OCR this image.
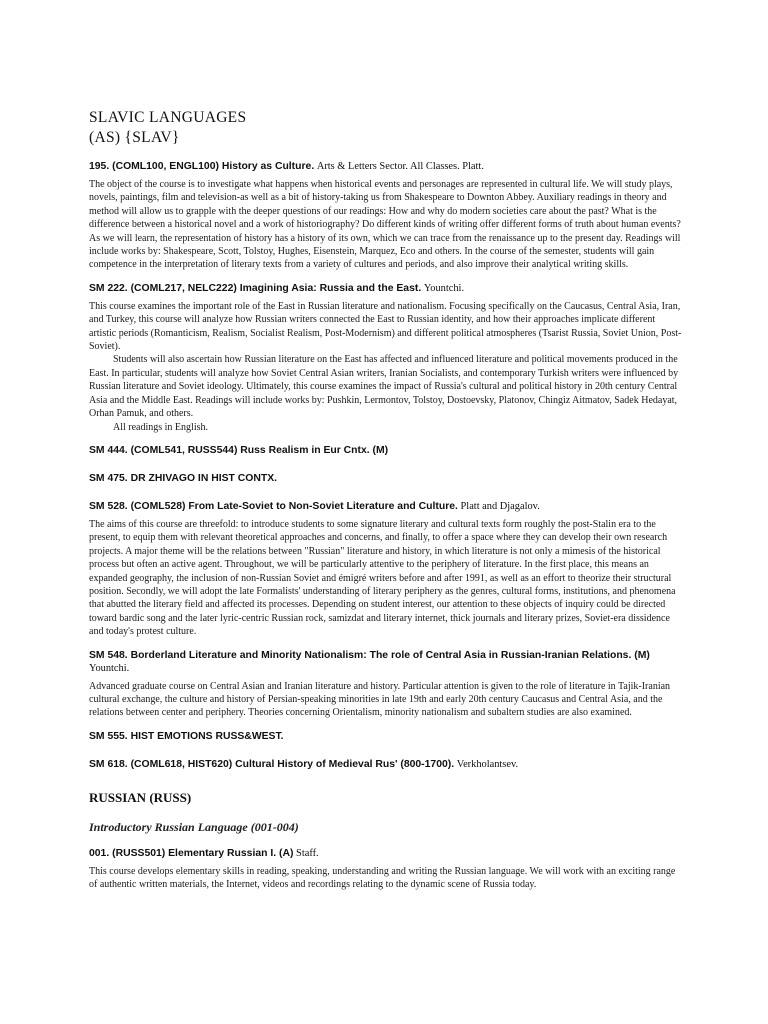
SLAVIC LANGUAGES
(AS) {SLAV}

195. (COML100, ENGL100) History as Culture. Arts & Letters Sector. All Classes. Platt.

The object of the course is to investigate what happens when historical events and personages are represented in cultural life. We will study plays, novels, paintings, film and television-as well as a bit of history-taking us from Shakespeare to Downton Abbey. Auxiliary readings in theory and method will allow us to grapple with the deeper questions of our readings: How and why do modern societies care about the past? What is the difference between a historical novel and a work of historiography? Do different kinds of writing offer different forms of truth about human events? As we will learn, the representation of history has a history of its own, which we can trace from the renaissance up to the present day. Readings will include works by: Shakespeare, Scott, Tolstoy, Hughes, Eisenstein, Marquez, Eco and others. In the course of the semester, students will gain competence in the interpretation of literary texts from a variety of cultures and periods, and also improve their analytical writing skills.

SM 222. (COML217, NELC222) Imagining Asia: Russia and the East. Yountchi.

This course examines the important role of the East in Russian literature and nationalism. Focusing specifically on the Caucasus, Central Asia, Iran, and Turkey, this course will analyze how Russian writers connected the East to Russian identity, and how their approaches implicate different artistic periods (Romanticism, Realism, Socialist Realism, Post-Modernism) and different political atmospheres (Tsarist Russia, Soviet Union, Post-Soviet).

Students will also ascertain how Russian literature on the East has affected and influenced literature and political movements produced in the East. In particular, students will analyze how Soviet Central Asian writers, Iranian Socialists, and contemporary Turkish writers were influenced by Russian literature and Soviet ideology. Ultimately, this course examines the impact of Russia's cultural and political history in 20th century Central Asia and the Middle East. Readings will include works by: Pushkin, Lermontov, Tolstoy, Dostoevsky, Platonov, Chingiz Aitmatov, Sadek Hedayat, Orhan Pamuk, and others.

All readings in English.

SM 444. (COML541, RUSS544) Russ Realism in Eur Cntx. (M)

SM 475. DR ZHIVAGO IN HIST CONTX.

SM 528. (COML528) From Late-Soviet to Non-Soviet Literature and Culture. Platt and Djagalov.

The aims of this course are threefold: to introduce students to some signature literary and cultural texts form roughly the post-Stalin era to the present, to equip them with relevant theoretical approaches and concerns, and finally, to offer a space where they can develop their own research projects. A major theme will be the relations between "Russian" literature and history, in which literature is not only a mimesis of the historical process but often an active agent. Throughout, we will be particularly attentive to the periphery of literature. In the first place, this means an expanded geography, the inclusion of non-Russian Soviet and émigré writers before and after 1991, as well as an effort to theorize their structural position. Secondly, we will adopt the late Formalists' understanding of literary periphery as the genres, cultural forms, institutions, and phenomena that abutted the literary field and affected its processes. Depending on student interest, our attention to these objects of inquiry could be directed toward bardic song and the later lyric-centric Russian rock, samizdat and literary internet, thick journals and literary prizes, Soviet-era dissidence and today's protest culture.

SM 548. Borderland Literature and Minority Nationalism: The role of Central Asia in Russian-Iranian Relations. (M) Yountchi.

Advanced graduate course on Central Asian and Iranian literature and history. Particular attention is given to the role of literature in Tajik-Iranian cultural exchange, the culture and history of Persian-speaking minorities in late 19th and early 20th century Caucasus and Central Asia, and the relations between center and periphery. Theories concerning Orientalism, minority nationalism and subaltern studies are also examined.

SM 555. HIST EMOTIONS RUSS&WEST.

SM 618. (COML618, HIST620) Cultural History of Medieval Rus' (800-1700). Verkholantsev.

RUSSIAN (RUSS)
Introductory Russian Language (001-004)

001. (RUSS501) Elementary Russian I. (A) Staff.

This course develops elementary skills in reading, speaking, understanding and writing the Russian language. We will work with an exciting range of authentic written materials, the Internet, videos and recordings relating to the dynamic scene of Russia today.
